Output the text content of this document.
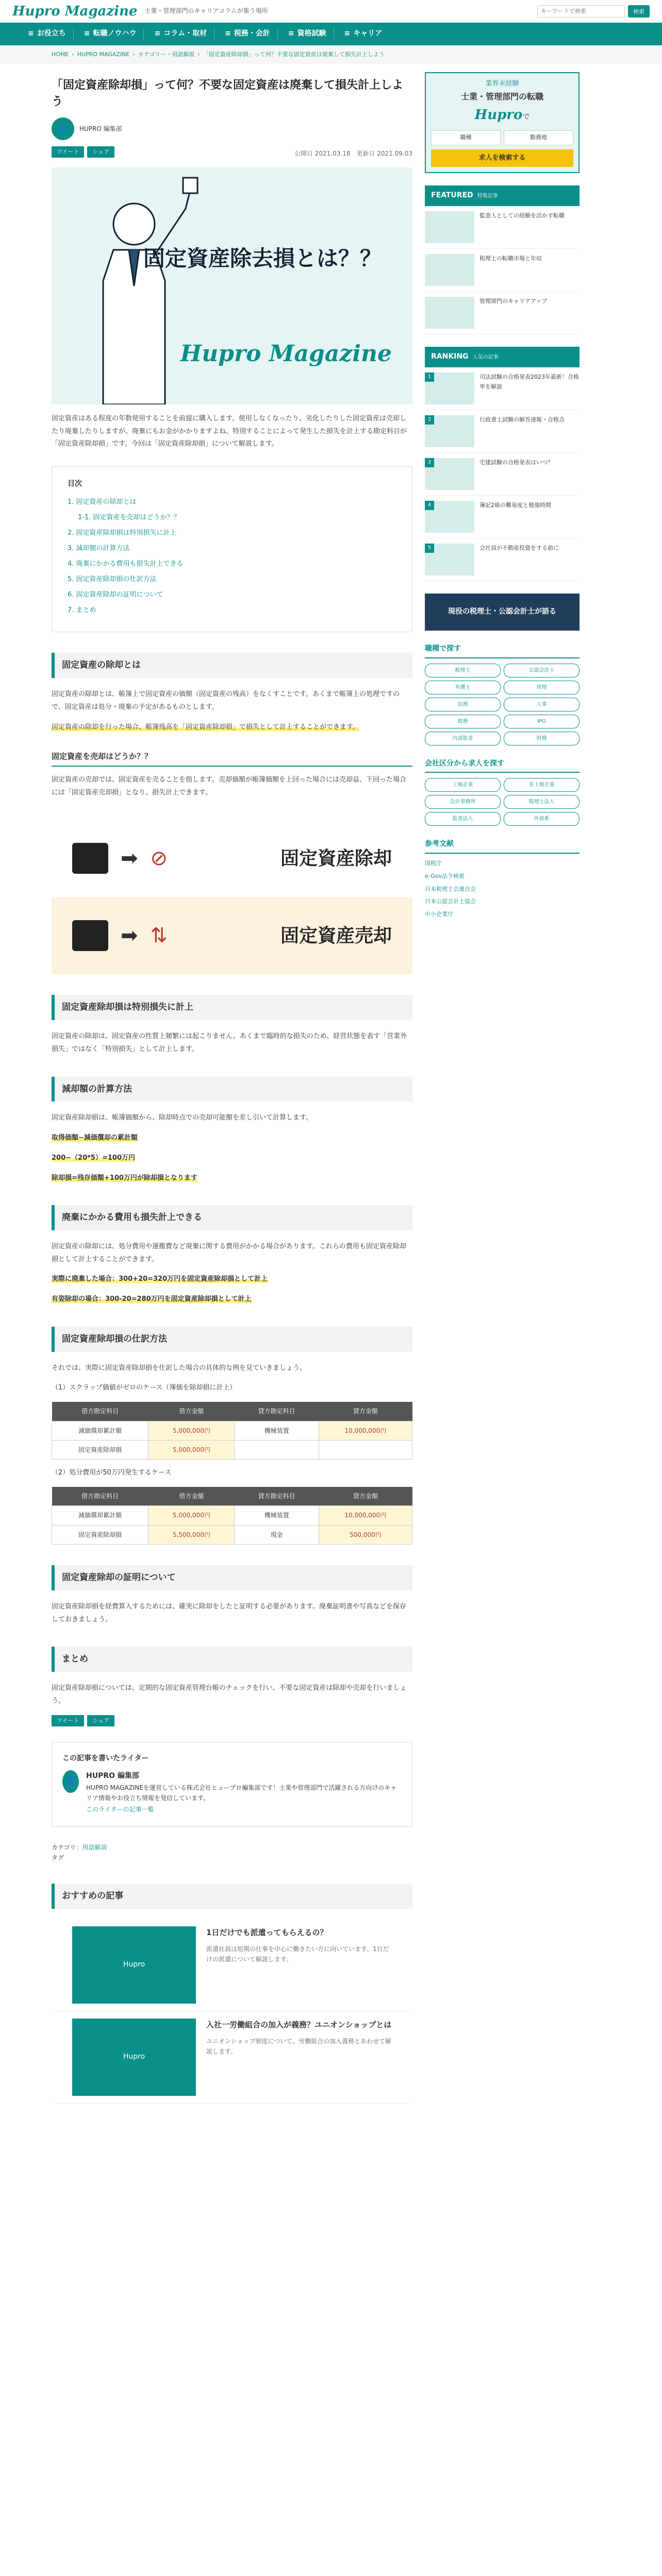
Hupro Magazine 士業・管理部門のキャリアコラムが集う場所
キーワードで検索	検索
≡ お役立ち	≡ 転職ノウハウ	≡ コラム・取材	≡ 税務・会計	≡ 資格試験	≡ キャリア
HOME › HUPRO MAGAZINE › カテゴリー・用語解説 › 「固定資産除却損」って何？不要な固定資産は廃棄して損失計上しよう
「固定資産除却損」って何？不要な固定資産は廃棄して損失計上しよう
👤	HUPRO 編集部
ツイート	シェア	公開日 2021.03.18　更新日 2021.09.03
固定資産除去損とは？？
Hupro Magazine

固定資産はある程度の年数使用することを前提に購入します。使用しなくなったり、劣化したりした固定資産は売却したり廃棄したりしますが、廃棄にもお金がかかりますよね。特別することによって発生した損失を計上する勘定科目が「固定資産除却損」です。今回は「固定資産除却損」について解説します。

目次
1. 固定資産の除却とは
1-1. 固定資産を売却はどうか？？
2. 固定資産除却損は特別損失に計上
3. 減却額の計算方法
4. 廃棄にかかる費用も損失計上できる
5. 固定資産除却損の仕訳方法
6. 固定資産除却の証明について
7. まとめ
固定資産の除却とは

固定資産の除却とは、帳簿上で固定資産の価額（固定資産の残高）をなくすことです。あくまで帳簿上の処理ですので、固定資産は処分・廃棄の予定があるものとします。

固定資産の除却を行った場合、帳簿残高を「固定資産除却損」で損失として計上することができます。

固定資産を売却はどうか？？

固定資産の売却では、固定資産を売ることを指します。売却価額が帳簿価額を上回った場合には売却益、下回った場合には「固定資産売却損」となり、損失計上できます。

➡ ⊘	固定資産除却
➡ ⇅	固定資産売却
固定資産除却損は特別損失に計上

固定資産の除却は、固定資産の性質上頻繁には起こりません。あくまで臨時的な損失のため、経営状態を表す「営業外損失」ではなく「特別損失」として計上します。

減却額の計算方法

固定資産除却損は、帳簿価額から、除却時点での売却可能額を差し引いて計算します。

取得価額−減価償却の累計額

200−（20*5）=100万円

除却損=残存価額+100万円が除却損となります

廃棄にかかる費用も損失計上できる

固定資産の除却には、処分費用や運搬費など廃棄に関する費用がかかる場合があります。これらの費用も固定資産除却損として計上することができます。

実際に廃棄した場合：300+20=320万円を固定資産除却損として計上

有姿除却の場合：300-20=280万円を固定資産除却損として計上

固定資産除却損の仕訳方法

それでは、実際に固定資産除却損を仕訳した場合の具体的な例を見ていきましょう。

（1）スクラップ価値がゼロのケース（簿価を除却損に計上）

借方勘定科目	借方金額	貸方勘定科目	貸方金額
減価償却累計額	5,000,000円	機械装置	10,000,000円
固定資産除却損	5,000,000円		

（2）処分費用が50万円発生するケース

借方勘定科目	借方金額	貸方勘定科目	貸方金額
減価償却累計額	5,000,000円	機械装置	10,000,000円
固定資産除却損	5,500,000円	現金	500,000円
固定資産除却の証明について

固定資産除却損を経費算入するためには、確実に除却をしたと証明する必要があります。廃棄証明書や写真などを保存しておきましょう。

まとめ

固定資産除却損については、定期的な固定資産管理台帳のチェックを行い、不要な固定資産は除却や売却を行いましょう。

ツイート	シェア

この記事を書いたライター

👤

HUPRO 編集部

HUPRO MAGAZINEを運営している株式会社ヒュープロ編集部です！士業や管理部門で活躍される方向けのキャリア情報やお役立ち情報を発信しています。

このライターの記事一覧

カテゴリ：用語解説

タグ

おすすめの記事
Hupro

1日だけでも派遣ってもらえるの？

派遣社員は短期の仕事を中心に働きたい方に向いています。1日だけの派遣について解説します。

Hupro

入社一労働組合の加入が義務？ユニオンショップとは

ユニオンショップ制度について、労働組合の加入義務とあわせて解説します。

業界未経験

士業・管理部門の転職

Huproで

職種	勤務地
求人を検索する
FEATURED 特集記事
監査人としての経験を活かす転職
税理士の転職市場と年収
管理部門のキャリアアップ
RANKING 人気の記事
1	司法試験の合格発表2023年最新！合格率を解説
2	行政書士試験の解答速報・合格点
3	宅建試験の合格発表はいつ？
4	簿記2級の難易度と勉強時間
5	会社員が不動産投資をする前に
現役の税理士・公認会計士が語る
職種で探す
税理士	公認会計士
弁護士	経理
法務	人事
総務	IPO
内部監査	財務
会社区分から求人を探す
上場企業	非上場企業
会計事務所	税理士法人
監査法人	外資系
参考文献
国税庁
e-Gov法令検索
日本税理士会連合会
日本公認会計士協会
中小企業庁
